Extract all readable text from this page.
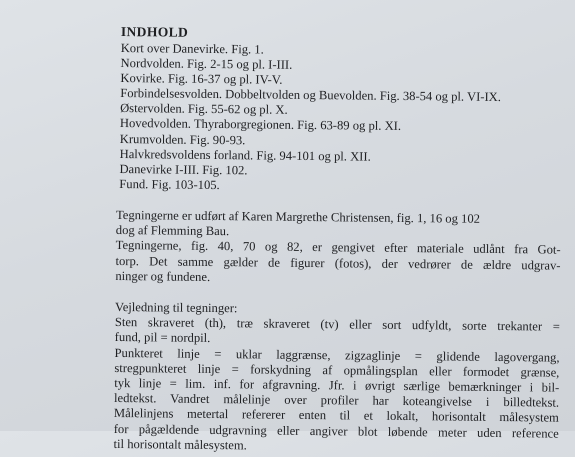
INDHOLD
Kort over Danevirke. Fig. 1.
Nordvolden. Fig. 2-15 og pl. I-III.
Kovirke. Fig. 16-37 og pl. IV-V.
Forbindelsesvolden. Dobbeltvolden og Buevolden. Fig. 38-54 og pl. VI-IX.
Østervolden. Fig. 55-62 og pl. X.
Hovedvolden. Thyraborgregionen. Fig. 63-89 og pl. XI.
Krumvolden. Fig. 90-93.
Halvkredsvoldens forland. Fig. 94-101 og pl. XII.
Danevirke I-III. Fig. 102.
Fund. Fig. 103-105.
Tegningerne er udført af Karen Margrethe Christensen, fig. 1, 16 og 102
dog af Flemming Bau.
Tegningerne, fig. 40, 70 og 82, er gengivet efter materiale udlånt fra Got-
torp. Det samme gælder de figurer (fotos), der vedrører de ældre udgrav-
ninger og fundene.
Vejledning til tegninger:
Sten skraveret (th), træ skraveret (tv) eller sort udfyldt, sorte trekanter =
fund, pil = nordpil.
Punkteret linje = uklar laggrænse, zigzaglinje = glidende lagovergang,
stregpunkteret linje = forskydning af opmålingsplan eller formodet grænse,
tyk linje = lim. inf. for afgravning. Jfr. i øvrigt særlige bemærkninger i bil-
ledtekst. Vandret målelinje over profiler har koteangivelse i billedtekst.
Målelinjens metertal refererer enten til et lokalt, horisontalt målesystem
for pågældende udgravning eller angiver blot løbende meter uden reference
til horisontalt målesystem.
